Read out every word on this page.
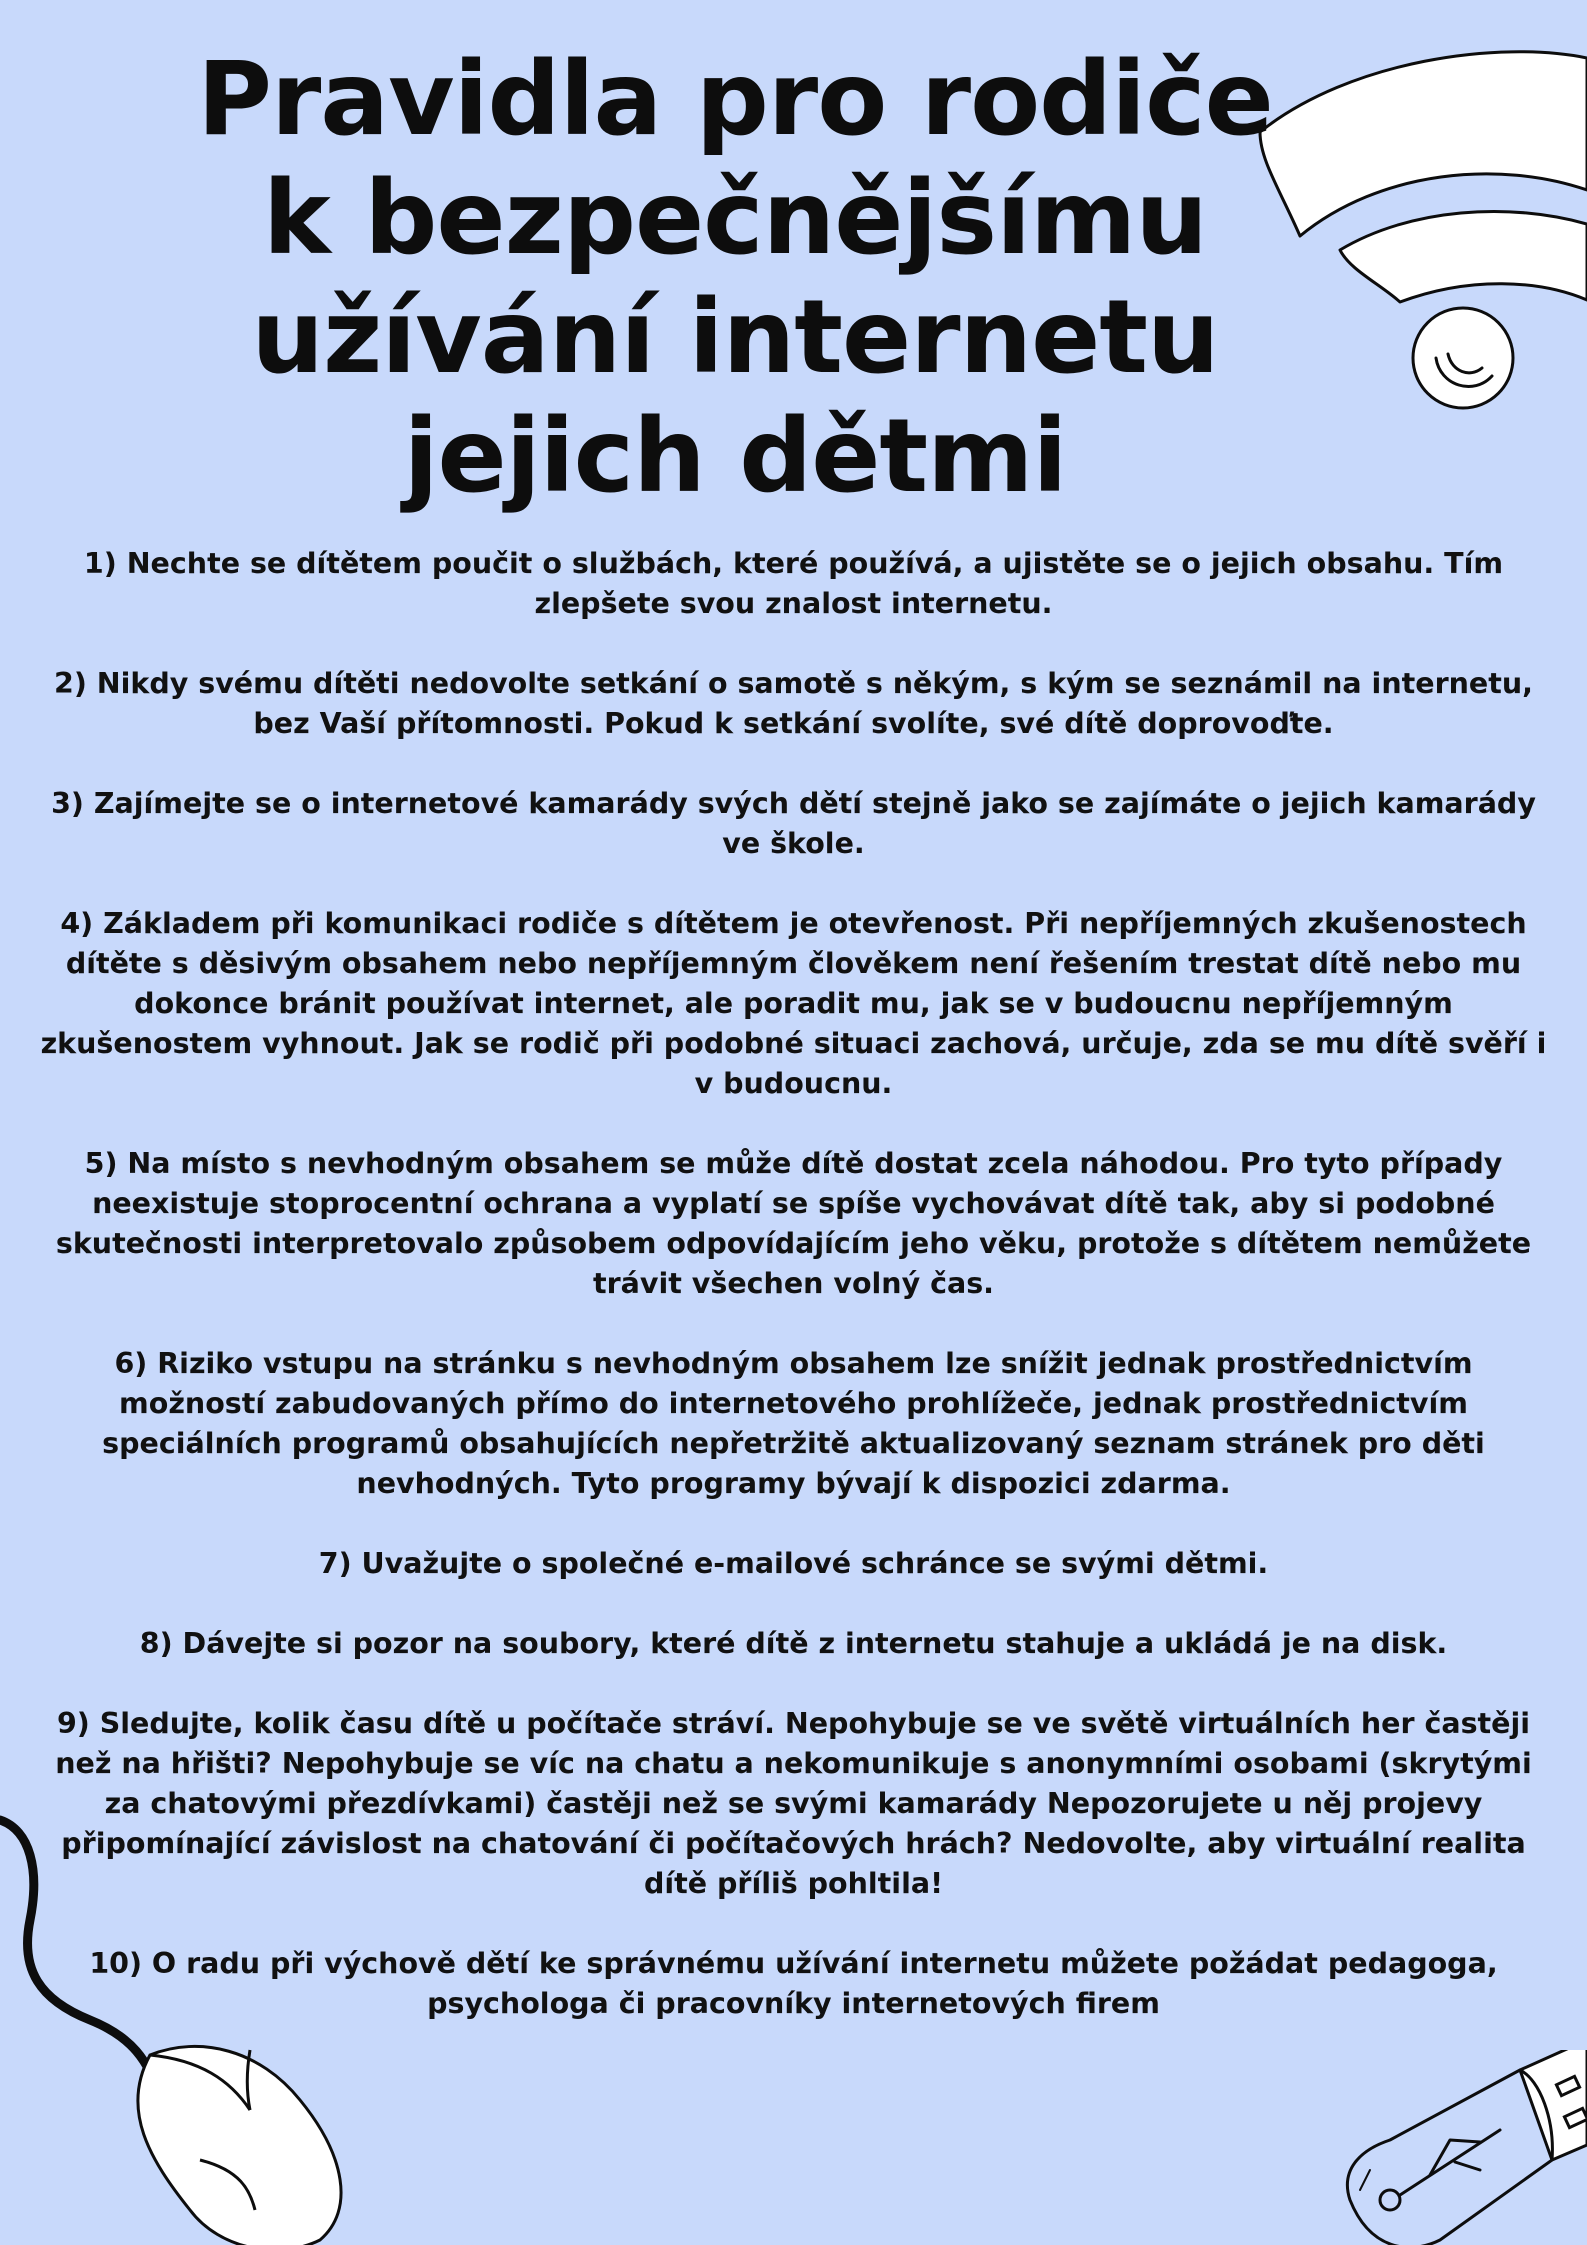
Pravidla pro rodiče
k bezpečnějšímu
užívání internetu
jejich dětmi
1) Nechte se dítětem poučit o službách, které používá, a ujistěte se o jejich obsahu. Tím zlepšete svou znalost internetu.
2) Nikdy svému dítěti nedovolte setkání o samotě s někým, s kým se seznámil na internetu, bez Vaší přítomnosti. Pokud k setkání svolíte, své dítě doprovoďte.
3) Zajímejte se o internetové kamarády svých dětí stejně jako se zajímáte o jejich kamarády ve škole.
4) Základem při komunikaci rodiče s dítětem je otevřenost. Při nepříjemných zkušenostech dítěte s děsivým obsahem nebo nepříjemným člověkem není řešením trestat dítě nebo mu dokonce bránit používat internet, ale poradit mu, jak se v budoucnu nepříjemným zkušenostem vyhnout. Jak se rodič při podobné situaci zachová, určuje, zda se mu dítě svěří i v budoucnu.
5) Na místo s nevhodným obsahem se může dítě dostat zcela náhodou. Pro tyto případy neexistuje stoprocentní ochrana a vyplatí se spíše vychovávat dítě tak, aby si podobné skutečnosti interpretovalo způsobem odpovídajícím jeho věku, protože s dítětem nemůžete trávit všechen volný čas.
6) Riziko vstupu na stránku s nevhodným obsahem lze snížit jednak prostřednictvím možností zabudovaných přímo do internetového prohlížeče, jednak prostřednictvím speciálních programů obsahujících nepřetržitě aktualizovaný seznam stránek pro děti nevhodných. Tyto programy bývají k dispozici zdarma.
7) Uvažujte o společné e-mailové schránce se svými dětmi.
8) Dávejte si pozor na soubory, které dítě z internetu stahuje a ukládá je na disk.
9) Sledujte, kolik času dítě u počítače stráví. Nepohybuje se ve světě virtuálních her častěji než na hřišti? Nepohybuje se víc na chatu a nekomunikuje s anonymními osobami (skrytými za chatovými přezdívkami) častěji než se svými kamarády Nepozorujete u něj projevy připomínající závislost na chatování či počítačových hrách? Nedovolte, aby virtuální realita dítě příliš pohltila!
10) O radu při výchově dětí ke správnému užívání internetu můžete požádat pedagoga, psychologa či pracovníky internetových firem
